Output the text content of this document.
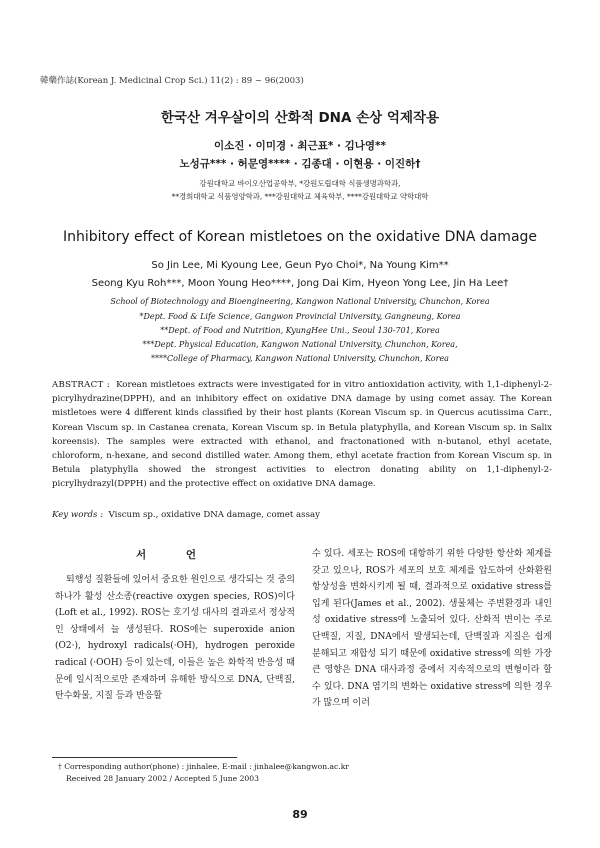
韓藥作誌(Korean J. Medicinal Crop Sci.) 11(2) : 89 ~ 96(2003)
한국산 겨우살이의 산화적 DNA 손상 억제작용
이소진 · 이미경 · 최근표* · 김나영**
노성규*** · 허문영**** · 김종대 · 이현용 · 이진하†
강원대학교 바이오산업공학부, *강원도립대학 식품생명과학과,
**경희대학교 식품영양학과, ***강원대학교 체육학부, ****강원대학교 약학대학
Inhibitory effect of Korean mistletoes on the oxidative DNA damage
So Jin Lee, Mi Kyoung Lee, Geun Pyo Choi*, Na Young Kim**
Seong Kyu Roh***, Moon Young Heo****, Jong Dai Kim, Hyeon Yong Lee, Jin Ha Lee†
School of Biotechnology and Bioengineering, Kangwon National University, Chunchon, Korea
*Dept. Food & Life Science, Gangwon Provincial University, Gangneung, Korea
**Dept. of Food and Nutrition, KyungHee Uni., Seoul 130-701, Korea
***Dept. Physical Education, Kangwon National University, Chunchon, Korea,
****College of Pharmacy, Kangwon National University, Chunchon, Korea
ABSTRACT : Korean mistletoes extracts were investigated for in vitro antioxidation activity, with 1,1-diphenyl-2-picrylhydrazine(DPPH), and an inhibitory effect on oxidative DNA damage by using comet assay. The Korean mistletoes were 4 different kinds classified by their host plants (Korean Viscum sp. in Quercus acutissima Carr., Korean Viscum sp. in Castanea crenata, Korean Viscum sp. in Betula platyphylla, and Korean Viscum sp. in Salix koreensis). The samples were extracted with ethanol, and fractonationed with n-butanol, ethyl acetate, chloroform, n-hexane, and second distilled water. Among them, ethyl acetate fraction from Korean Viscum sp. in Betula platyphylla showed the strongest activities to electron donating ability on 1,1-diphenyl-2-picrylhydrazyl(DPPH) and the protective effect on oxidative DNA damage.
Key words : Viscum sp., oxidative DNA damage, comet assay
서 언
퇴행성 질환들에 있어서 중요한 원인으로 생각되는 것 중의 하나가 활성 산소종(reactive oxygen species, ROS)이다(Loft et al., 1992). ROS는 호기성 대사의 결과로서 정상적인 상태에서 늘 생성된다. ROS에는 superoxide anion (O2·), hydroxyl radicals(·OH), hydrogen peroxide radical (·OOH) 등이 있는데, 이들은 높은 화학적 반응성 때문에 일시적으로만 존재하며 유해한 방식으로 DNA, 단백질, 탄수화물, 지질 등과 반응할
수 있다. 세포는 ROS에 대항하기 위한 다양한 항산화 체계를 갖고 있으나, ROS가 세포의 보호 체계를 압도하여 산화환원 항상성을 변화시키게 될 때, 결과적으로 oxidative stress를 입게 된다(James et al., 2002). 생물체는 주변환경과 내인성 oxidative stress에 노출되어 있다. 산화적 변이는 주로 단백질, 지질, DNA에서 발생되는데, 단백질과 지질은 쉽게 분해되고 재합성 되기 때문에 oxidative stress에 의한 가장 큰 영향은 DNA 대사과정 중에서 지속적으로의 변형이라 할 수 있다. DNA 염기의 변화는 oxidative stress에 의한 경우가 많으며 이러
† Corresponding author(phone) : jinhalee, E-mail : jinhalee@kangwon.ac.kr
Received 28 January 2002 / Accepted 5 June 2003
89
